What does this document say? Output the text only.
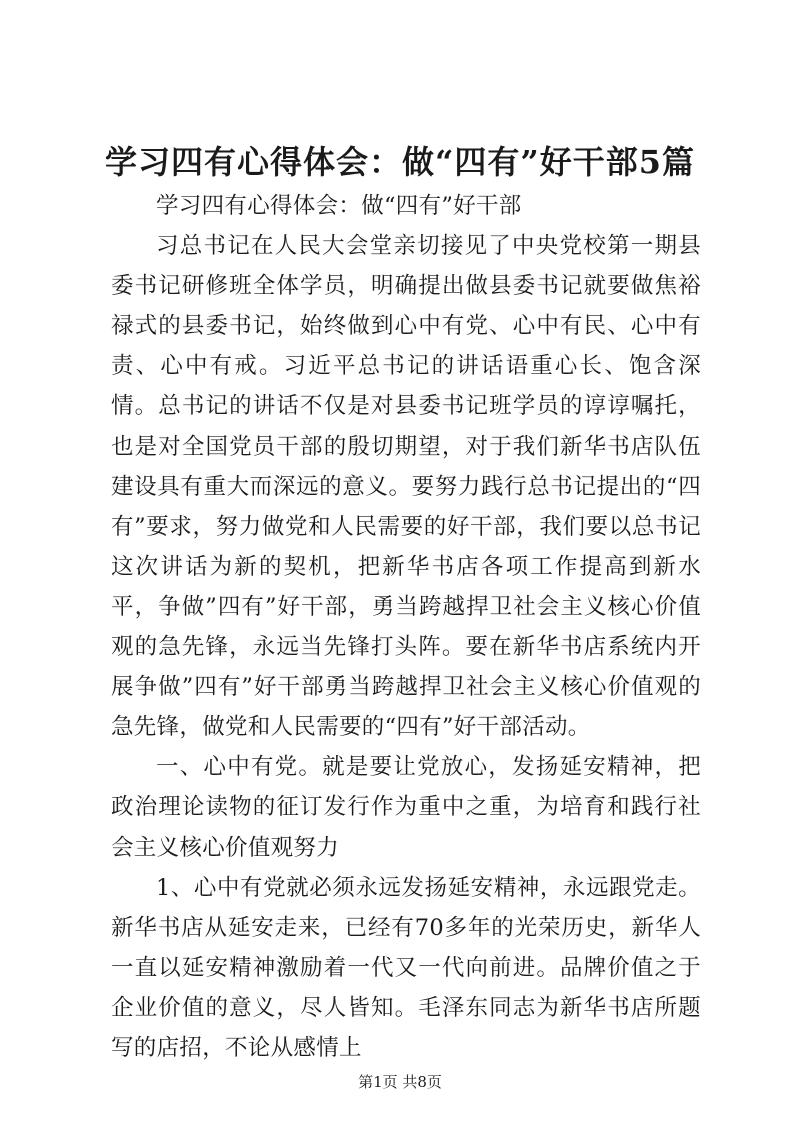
学习四有心得体会：做“四有”好干部5篇

学习四有心得体会：做“四有”好干部

习总书记在人民大会堂亲切接见了中央党校第一期县委书记研修班全体学员，明确提出做县委书记就要做焦裕禄式的县委书记，始终做到心中有党、心中有民、心中有责、心中有戒。习近平总书记的讲话语重心长、饱含深情。总书记的讲话不仅是对县委书记班学员的谆谆嘱托，也是对全国党员干部的殷切期望，对于我们新华书店队伍建设具有重大而深远的意义。要努力践行总书记提出的“四有”要求，努力做党和人民需要的好干部，我们要以总书记这次讲话为新的契机，把新华书店各项工作提高到新水平，争做”四有”好干部，勇当跨越捍卫社会主义核心价值观的急先锋，永远当先锋打头阵。要在新华书店系统内开展争做”四有”好干部勇当跨越捍卫社会主义核心价值观的急先锋，做党和人民需要的“四有”好干部活动。

一、心中有党。就是要让党放心，发扬延安精神，把政治理论读物的征订发行作为重中之重，为培育和践行社会主义核心价值观努力

1、心中有党就必须永远发扬延安精神，永远跟党走。新华书店从延安走来，已经有70多年的光荣历史，新华人一直以延安精神激励着一代又一代向前进。品牌价值之于企业价值的意义，尽人皆知。毛泽东同志为新华书店所题写的店招，不论从感情上

第1页 共8页
